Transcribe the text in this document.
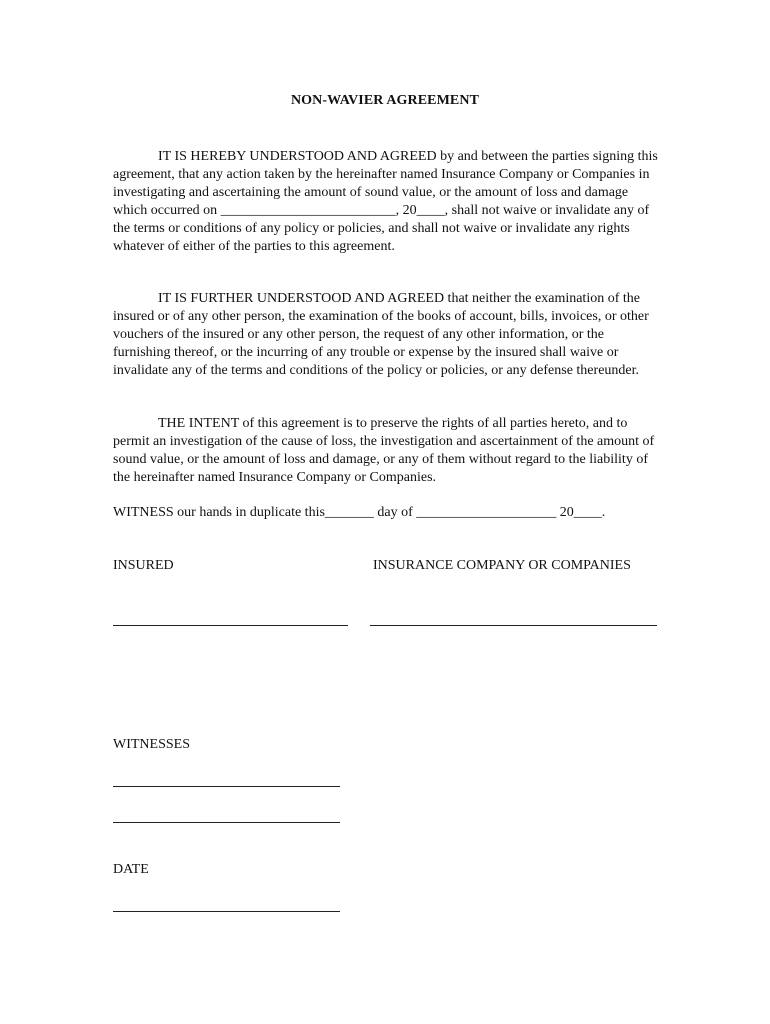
NON-WAVIER AGREEMENT

IT IS HEREBY UNDERSTOOD AND AGREED by and between the parties signing this agreement, that any action taken by the hereinafter named Insurance Company or Companies in investigating and ascertaining the amount of sound value, or the amount of loss and damage which occurred on _________________________, 20____, shall not waive or invalidate any of the terms or conditions of any policy or policies, and shall not waive or invalidate any rights whatever of either of the parties to this agreement.

IT IS FURTHER UNDERSTOOD AND AGREED that neither the examination of the insured or of any other person, the examination of the books of account, bills, invoices, or other vouchers of the insured or any other person, the request of any other information, or the furnishing thereof, or the incurring of any trouble or expense by the insured shall waive or invalidate any of the terms and conditions of the policy or policies, or any defense thereunder.

THE INTENT of this agreement is to preserve the rights of all parties hereto, and to permit an investigation of the cause of loss, the investigation and ascertainment of the amount of sound value, or the amount of loss and damage, or any of them without regard to the liability of the hereinafter named Insurance Company or Companies.

WITNESS our hands in duplicate this_______ day of ____________________ 20____.
INSURED	INSURANCE COMPANY OR COMPANIES
WITNESSES
DATE
